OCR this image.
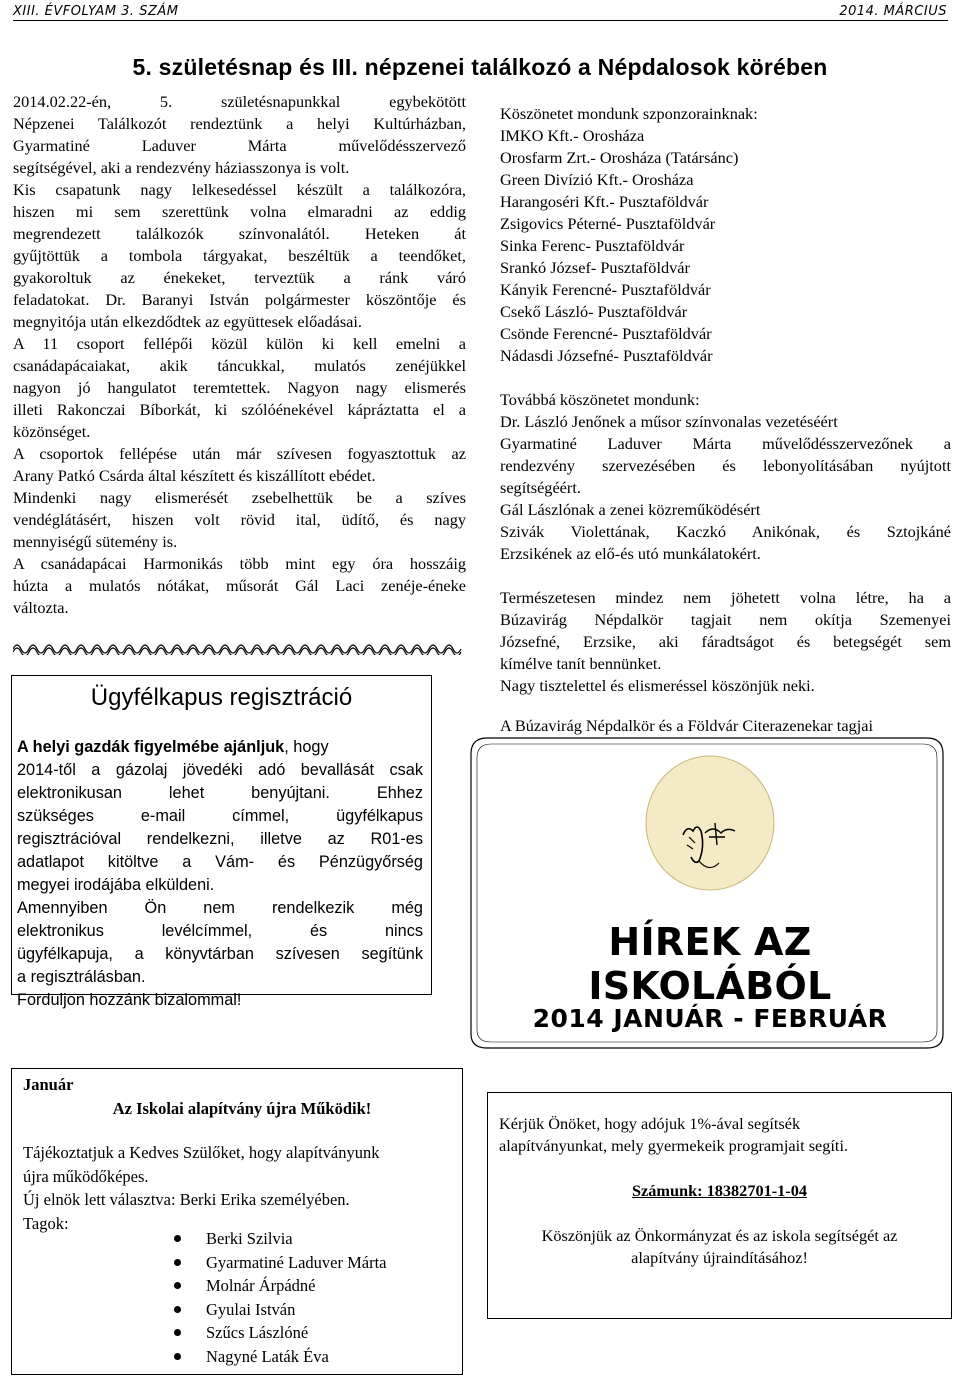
XIII. ÉVFOLYAM 3. SZÁM	2014. MÁRCIUS
5. születésnap és III. népzenei találkozó a Népdalosok körében
2014.02.22-én, 5. születésnapunkkal egybekötött
Népzenei Találkozót rendeztünk a helyi Kultúrházban,
Gyarmatiné Laduver Márta művelődésszervező
segítségével, aki a rendezvény háziasszonya is volt.
Kis csapatunk nagy lelkesedéssel készült a találkozóra,
hiszen mi sem szerettünk volna elmaradni az eddig
megrendezett találkozók színvonalától. Heteken át
gyűjtöttük a tombola tárgyakat, beszéltük a teendőket,
gyakoroltuk az énekeket, terveztük a ránk váró
feladatokat. Dr. Baranyi István polgármester köszöntője és
megnyitója után elkezdődtek az együttesek előadásai.
A 11 csoport fellépői közül külön ki kell emelni a
csanádapácaiakat, akik táncukkal, mulatós zenéjükkel
nagyon jó hangulatot teremtettek. Nagyon nagy elismerés
illeti Rakonczai Bíborkát, ki szólóénekével kápráztatta el a
közönséget.
A csoportok fellépése után már szívesen fogyasztottuk az
Arany Patkó Csárda által készített és kiszállított ebédet.
Mindenki nagy elismerését zsebelhettük be a szíves
vendéglátásért, hiszen volt rövid ital, üdítő, és nagy
mennyiségű sütemény is.
A csanádapácai Harmonikás több mint egy óra hosszáig
húzta a mulatós nótákat, műsorát Gál Laci zenéje-éneke
változta.
Köszönetet mondunk szponzorainknak:
IMKO Kft.- Orosháza
Orosfarm Zrt.- Orosháza (Tatársánc)
Green Divízió Kft.- Orosháza
Harangoséri Kft.- Pusztaföldvár
Zsigovics Péterné- Pusztaföldvár
Sinka Ferenc- Pusztaföldvár
Srankó József- Pusztaföldvár
Kányik Ferencné- Pusztaföldvár
Csekő László- Pusztaföldvár
Csönde Ferencné- Pusztaföldvár
Nádasdi Józsefné- Pusztaföldvár
Továbbá köszönetet mondunk:
Dr. László Jenőnek a műsor színvonalas vezetéséért
Gyarmatiné Laduver Márta művelődésszervezőnek a
rendezvény szervezésében és lebonyolításában nyújtott
segítségéért.
Gál Lászlónak a zenei közreműködésért
Szivák Violettának, Kaczkó Anikónak, és Sztojkáné
Erzsikének az elő-és utó munkálatokért.
Természetesen mindez nem jöhetett volna létre, ha a
Búzavirág Népdalkör tagjait nem okítja Szemenyei
Józsefné, Erzsike, aki fáradtságot és betegségét sem
kímélve tanít bennünket.
Nagy tisztelettel és elismeréssel köszönjük neki.
A Búzavirág Népdalkör és a Földvár Citerazenekar tagjai
Ügyfélkapus regisztráció
A helyi gazdák figyelmébe ajánljuk, hogy
2014-től a gázolaj jövedéki adó bevallását csak
elektronikusan lehet benyújtani. Ehhez
szükséges e-mail címmel, ügyfélkapus
regisztrációval rendelkezni, illetve az R01-es
adatlapot kitöltve a Vám- és Pénzügyőrség
megyei irodájába elküldeni.
Amennyiben Ön nem rendelkezik még
elektronikus levélcímmel, és nincs
ügyfélkapuja, a könyvtárban szívesen segítünk
a regisztrálásban.
Forduljon hozzánk bizalommal!
HÍREK AZ ISKOLÁBÓL
2014 JANUÁR - FEBRUÁR
Január
Az Iskolai alapítvány újra Működik!
Tájékoztatjuk a Kedves Szülőket, hogy alapítványunk
újra működőképes.
Új elnök lett választva: Berki Erika személyében.
Tagok:
Berki Szilvia
Gyarmatiné Laduver Márta
Molnár Árpádné
Gyulai István
Szűcs Lászlóné
Nagyné Laták Éva
Kérjük Önöket, hogy adójuk 1%-ával segítsék
alapítványunkat, mely gyermekeik programjait segíti.
Számunk: 18382701-1-04
Köszönjük az Önkormányzat és az iskola segítségét az
alapítvány újraindításához!
